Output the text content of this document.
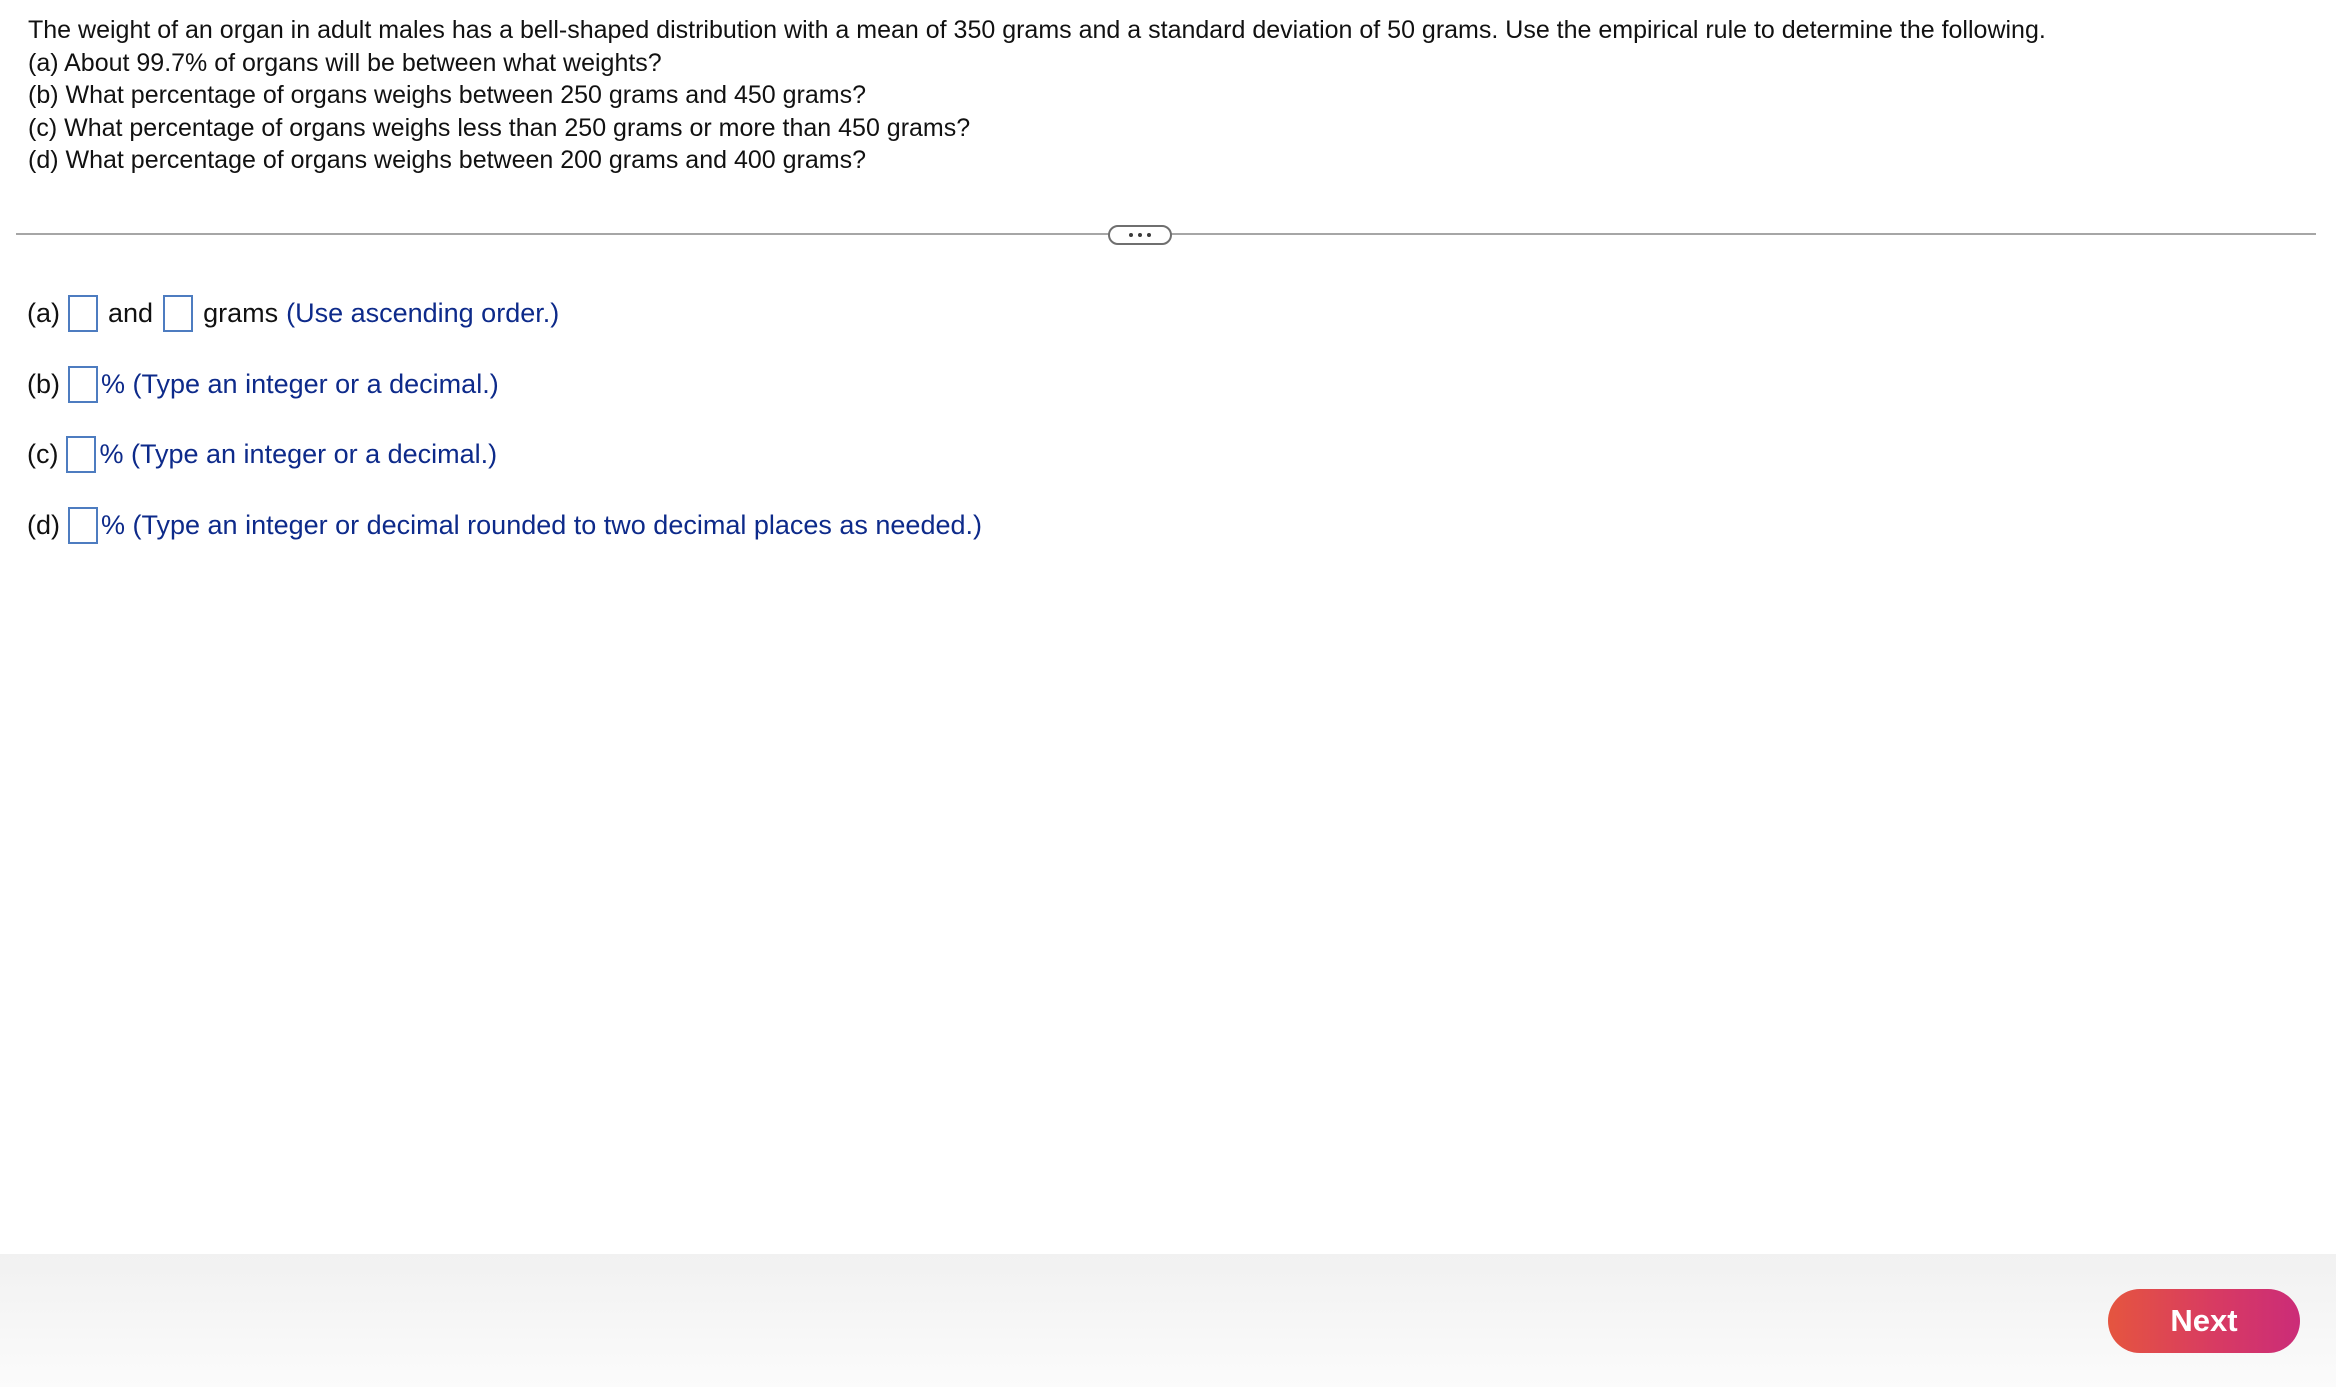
The weight of an organ in adult males has a bell-shaped distribution with a mean of 350 grams and a standard deviation of 50 grams. Use the empirical rule to determine the following.
(a) About 99.7% of organs will be between what weights?
(b) What percentage of organs weighs between 250 grams and 450 grams?
(c) What percentage of organs weighs less than 250 grams or more than 450 grams?
(d) What percentage of organs weighs between 200 grams and 400 grams?
(a) and grams (Use ascending order.)
(b) % (Type an integer or a decimal.)
(c) % (Type an integer or a decimal.)
(d) % (Type an integer or decimal rounded to two decimal places as needed.)
Next
